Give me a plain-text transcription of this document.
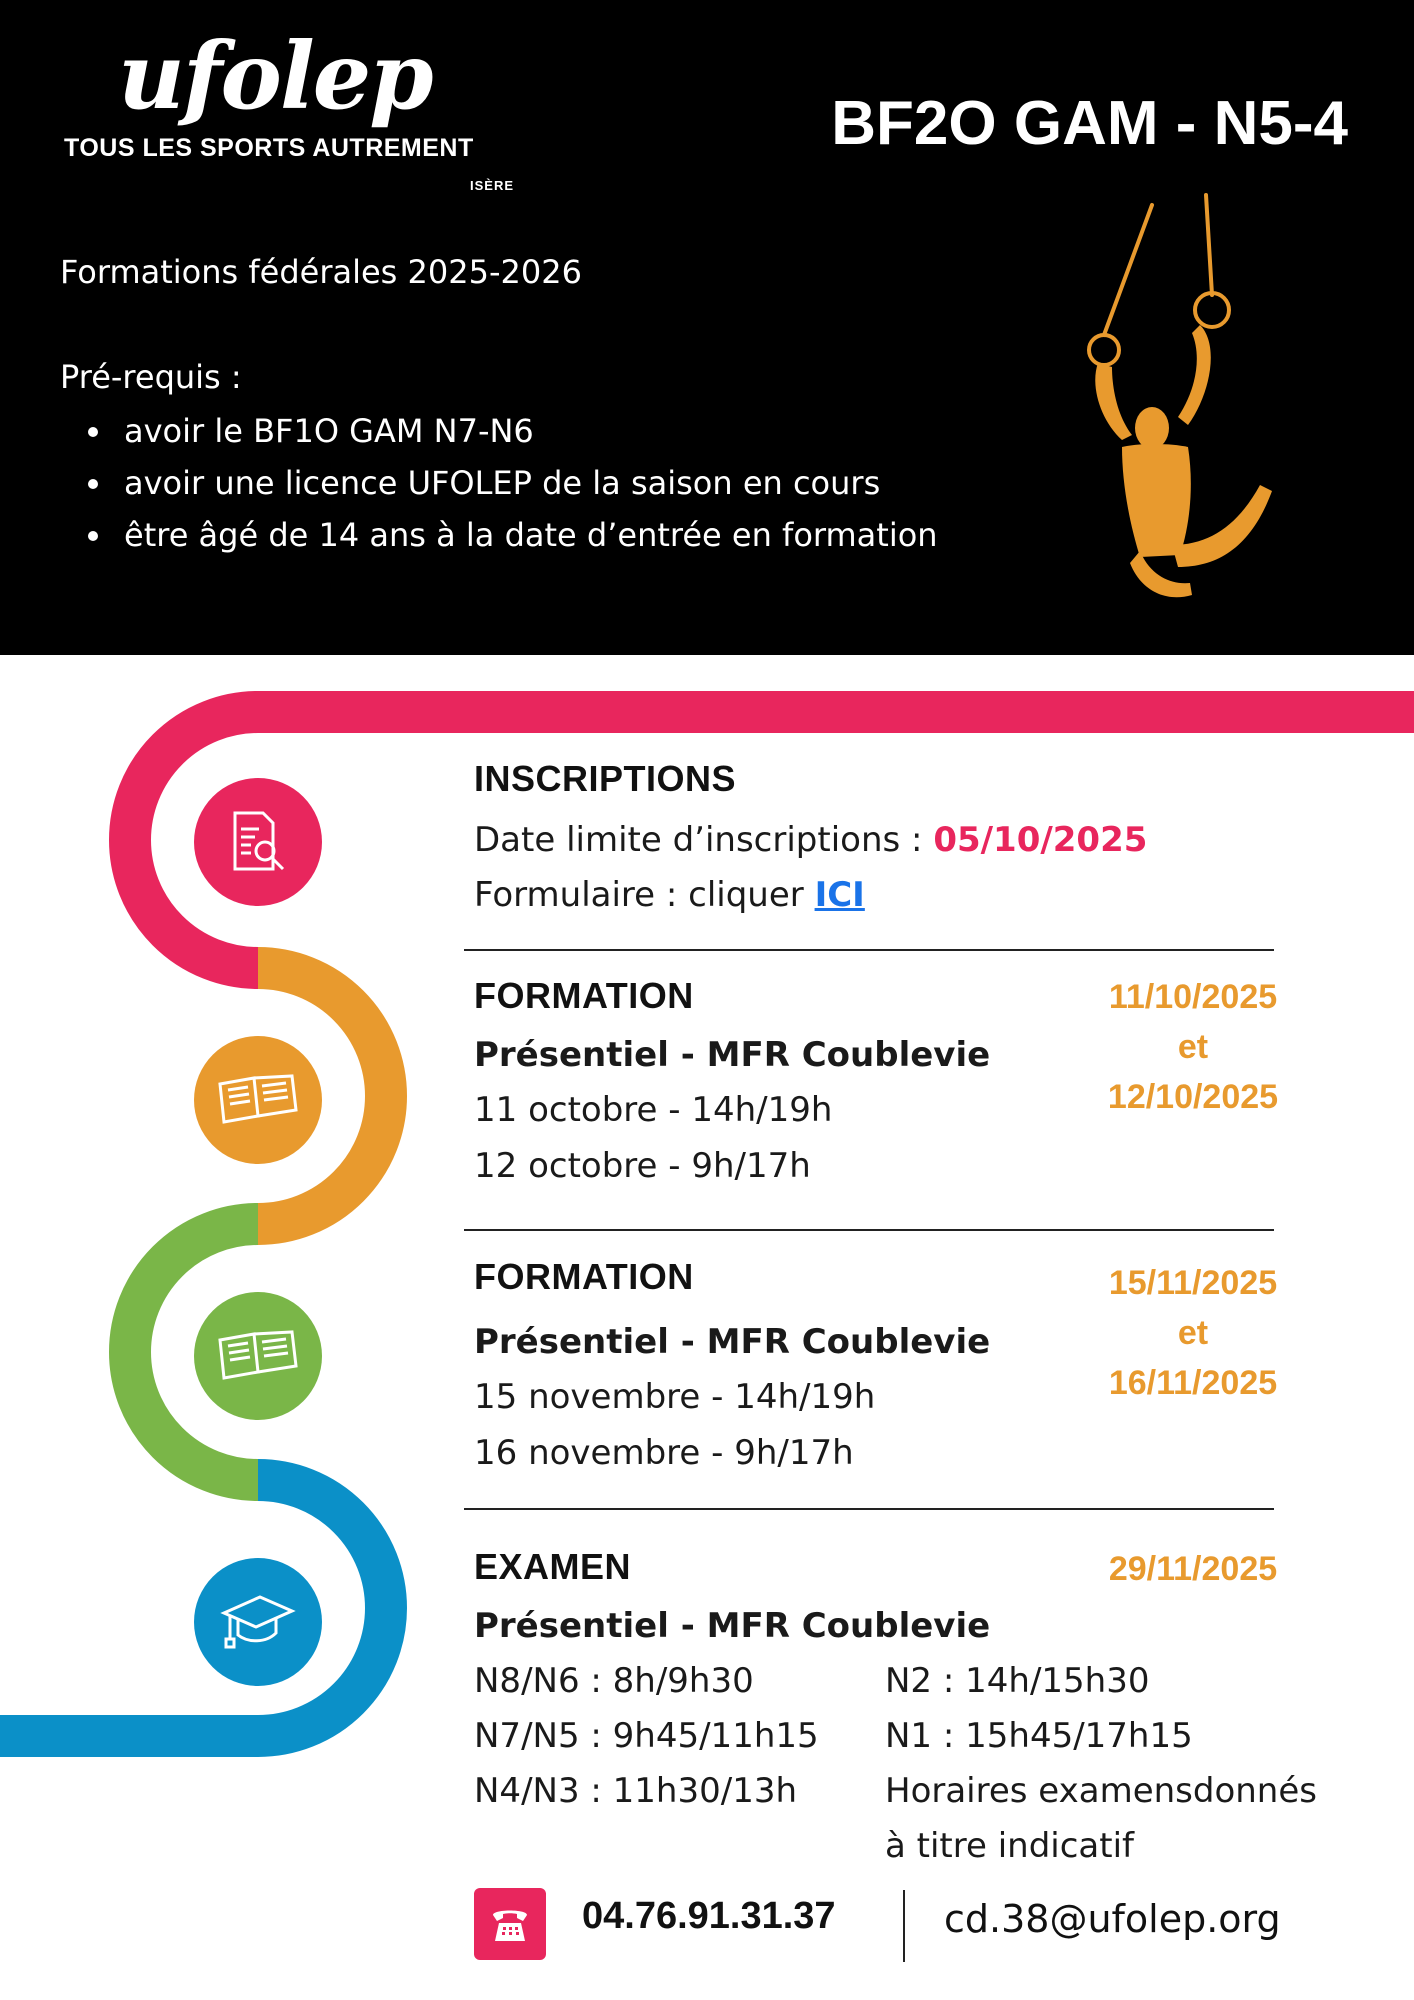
ufolep
TOUS LES SPORTS AUTREMENT
ISÈRE
BF2O GAM - N5-4
Formations fédérales 2025-2026
Pré-requis :
avoir le BF1O GAM N7-N6
avoir une licence UFOLEP de la saison en cours
être âgé de 14 ans à la date d’entrée en formation
INSCRIPTIONS
Date limite d’inscriptions : 05/10/2025
Formulaire : cliquer ICI
FORMATION
Présentiel - MFR Coublevie
11 octobre - 14h/19h
12 octobre - 9h/17h
11/10/2025
et
12/10/2025
FORMATION
Présentiel - MFR Coublevie
15 novembre - 14h/19h
16 novembre - 9h/17h
15/11/2025
et
16/11/2025
EXAMEN	29/11/2025
Présentiel - MFR Coublevie
N8/N6 : 8h/9h30
N7/N5 : 9h45/11h15
N4/N3 : 11h30/13h
N2 : 14h/15h30
N1 : 15h45/17h15
Horaires examensdonnés
à titre indicatif
04.76.91.31.37	cd.38@ufolep.org
